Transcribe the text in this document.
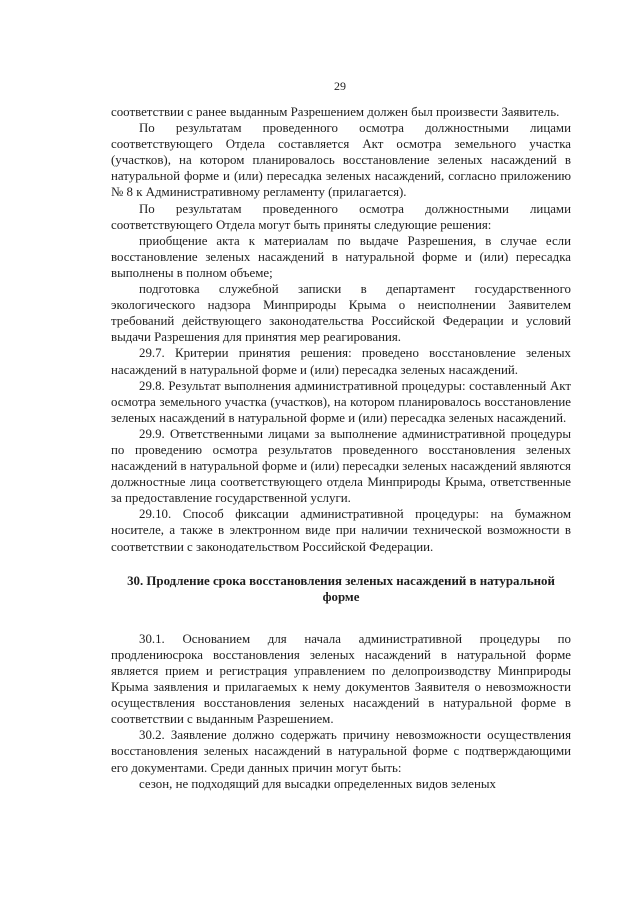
29

соответствии с ранее выданным Разрешением должен был произвести Заявитель.

По результатам проведенного осмотра должностными лицами соответствующего Отдела составляется Акт осмотра земельного участка (участков), на котором планировалось восстановление зеленых насаждений в натуральной форме и (или) пересадка зеленых насаждений, согласно приложению № 8 к Административному регламенту (прилагается).

По результатам проведенного осмотра должностными лицами соответствующего Отдела могут быть приняты следующие решения:

приобщение акта к материалам по выдаче Разрешения, в случае если восстановление зеленых насаждений в натуральной форме и (или) пересадка выполнены в полном объеме;

подготовка служебной записки в департамент государственного экологического надзора Минприроды Крыма о неисполнении Заявителем требований действующего законодательства Российской Федерации и условий выдачи Разрешения для принятия мер реагирования.

29.7. Критерии принятия решения: проведено восстановление зеленых насаждений в натуральной форме и (или) пересадка зеленых насаждений.

29.8. Результат выполнения административной процедуры: составленный Акт осмотра земельного участка (участков), на котором планировалось восстановление зеленых насаждений в натуральной форме и (или) пересадка зеленых насаждений.

29.9. Ответственными лицами за выполнение административной процедуры по проведению осмотра результатов проведенного восстановления зеленых насаждений в натуральной форме и (или) пересадки зеленых насаждений являются должностные лица соответствующего отдела Минприроды Крыма, ответственные за предоставление государственной услуги.

29.10. Способ фиксации административной процедуры: на бумажном носителе, а также в электронном виде при наличии технической возможности в соответствии с законодательством Российской Федерации.

30. Продление срока восстановления зеленых насаждений в натуральной форме

30.1. Основанием для начала административной процедуры по продлениюсрока восстановления зеленых насаждений в натуральной форме является прием и регистрация управлением по делопроизводству Минприроды Крыма заявления и прилагаемых к нему документов Заявителя о невозможности осуществления восстановления зеленых насаждений в натуральной форме в соответствии с выданным Разрешением.

30.2. Заявление должно содержать причину невозможности осуществления восстановления зеленых насаждений в натуральной форме с подтверждающими его документами. Среди данных причин могут быть:

сезон, не подходящий для высадки определенных видов зеленых
